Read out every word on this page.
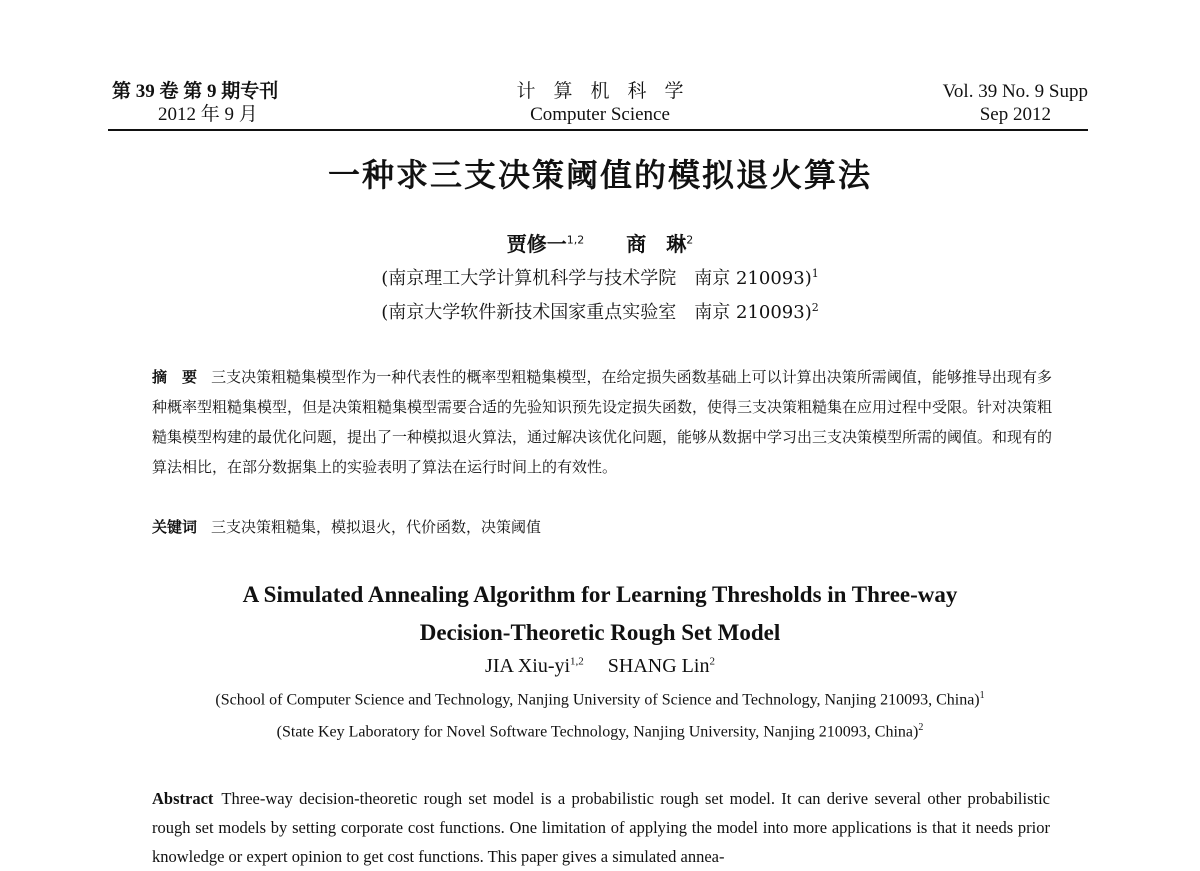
第 39 卷 第 9 期专刊
2012 年 9 月
计算机科学
Computer Science
Vol. 39 No. 9 Supp
Sep 2012
一种求三支决策阈值的模拟退火算法
贾修一$^{1,2}$ 商　琳$^2$
(南京理工大学计算机科学与技术学院　南京 210093)$^1$
(南京大学软件新技术国家重点实验室　南京 210093)$^2$
摘　要 三支决策粗糙集模型作为一种代表性的概率型粗糙集模型，在给定损失函数基础上可以计算出决策所需阈值，能够推导出现有多种概率型粗糙集模型，但是决策粗糙集模型需要合适的先验知识预先设定损失函数，使得三支决策粗糙集在应用过程中受限。针对决策粗糙集模型构建的最优化问题，提出了一种模拟退火算法，通过解决该优化问题，能够从数据中学习出三支决策模型所需的阈值。和现有的算法相比，在部分数据集上的实验表明了算法在运行时间上的有效性。
关键词 三支决策粗糙集，模拟退火，代价函数，决策阈值
A Simulated Annealing Algorithm for Learning Thresholds in Three-way
Decision-Theoretic Rough Set Model
JIA Xiu-yi$^{1,2}$ SHANG Lin$^2$
(School of Computer Science and Technology, Nanjing University of Science and Technology, Nanjing 210093, China)$^1$
(State Key Laboratory for Novel Software Technology, Nanjing University, Nanjing 210093, China)$^2$
Abstract Three-way decision-theoretic rough set model is a probabilistic rough set model. It can derive several other probabilistic rough set models by setting corporate cost functions. One limitation of applying the model into more applications is that it needs prior knowledge or expert opinion to get cost functions. This paper gives a simulated annea-
